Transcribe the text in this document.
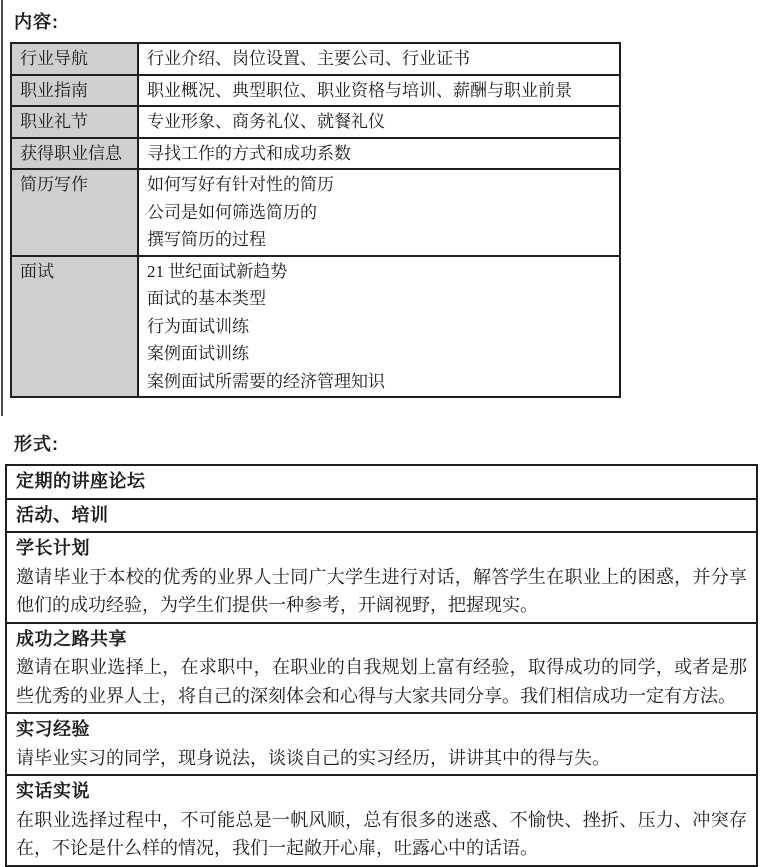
内容:
行业导航	行业介绍、岗位设置、主要公司、行业证书

职业指南	职业概况、典型职位、职业资格与培训、薪酬与职业前景

职业礼节	专业形象、商务礼仪、就餐礼仪

获得职业信息	寻找工作的方式和成功系数

简历写作	如何写好有针对性的简历
公司是如何筛选简历的
撰写简历的过程

面试	21 世纪面试新趋势
面试的基本类型
行为面试训练
案例面试训练
案例面试所需要的经济管理知识
形式:
定期的讲座论坛

活动、培训

学长计划
邀请毕业于本校的优秀的业界人士同广大学生进行对话，解答学生在职业上的困惑，并分享他们的成功经验，为学生们提供一种参考，开阔视野，把握现实。

成功之路共享
邀请在职业选择上，在求职中，在职业的自我规划上富有经验，取得成功的同学，或者是那些优秀的业界人士，将自己的深刻体会和心得与大家共同分享。我们相信成功一定有方法。

实习经验
请毕业实习的同学，现身说法，谈谈自己的实习经历，讲讲其中的得与失。

实话实说
在职业选择过程中，不可能总是一帆风顺，总有很多的迷惑、不愉快、挫折、压力、冲突存在，不论是什么样的情况，我们一起敞开心扉，吐露心中的话语。
